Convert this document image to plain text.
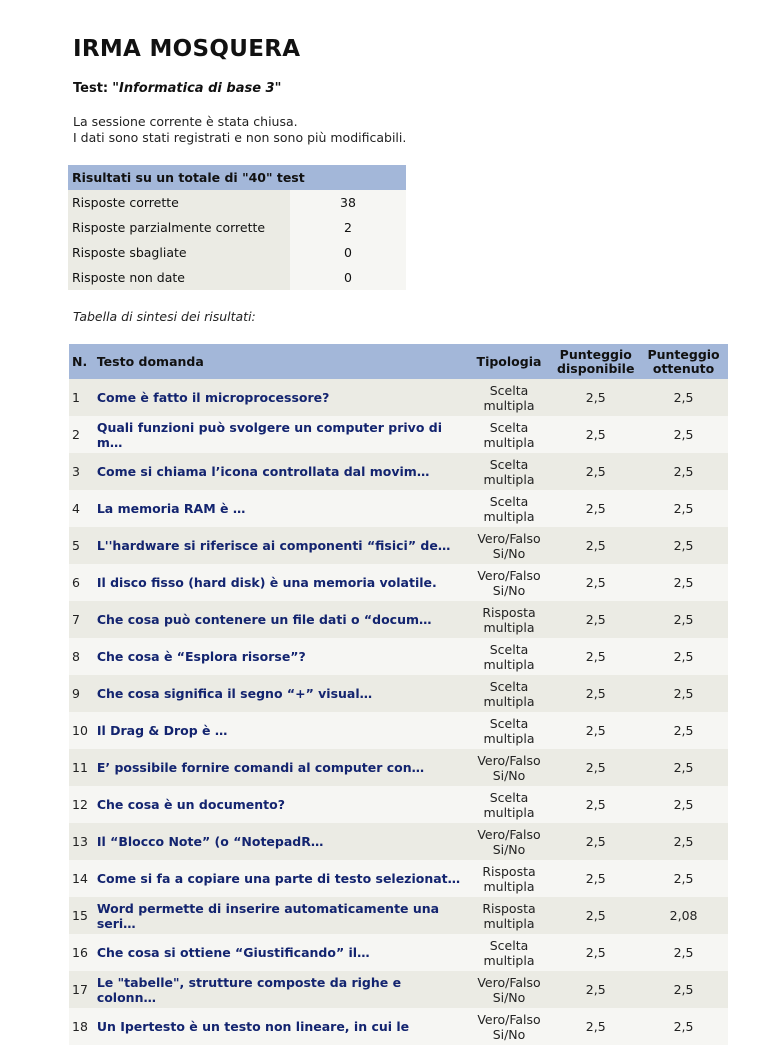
IRMA MOSQUERA
Test: "Informatica di base 3"
La sessione corrente è stata chiusa.
I dati sono stati registrati e non sono più modificabili.
Risultati su un totale di "40" test	
Risposte corrette	38
Risposte parzialmente corrette	2
Risposte sbagliate	0
Risposte non date	0
Tabella di sintesi dei risultati:
N.	Testo domanda	Tipologia	Punteggio disponibile	Punteggio ottenuto
1	Come è fatto il microprocessore?	Scelta multipla	2,5	2,5
2	Quali funzioni può svolgere un computer privo di m…	Scelta multipla	2,5	2,5
3	Come si chiama l’icona controllata dal movim…	Scelta multipla	2,5	2,5
4	La memoria RAM è …	Scelta multipla	2,5	2,5
5	L''hardware si riferisce ai componenti “fisici” de…	Vero/Falso Si/No	2,5	2,5
6	Il disco fisso (hard disk) è una memoria volatile.	Vero/Falso Si/No	2,5	2,5
7	Che cosa può contenere un file dati o “docum…	Risposta multipla	2,5	2,5
8	Che cosa è “Esplora risorse”?	Scelta multipla	2,5	2,5
9	Che cosa significa il segno “+” visual…	Scelta multipla	2,5	2,5
10	Il Drag & Drop è …	Scelta multipla	2,5	2,5
11	E’ possibile fornire comandi al computer con…	Vero/Falso Si/No	2,5	2,5
12	Che cosa è un documento?	Scelta multipla	2,5	2,5
13	Il “Blocco Note” (o “NotepadR…	Vero/Falso Si/No	2,5	2,5
14	Come si fa a copiare una parte di testo selezionat…	Risposta multipla	2,5	2,5
15	Word permette di inserire automaticamente una seri…	Risposta multipla	2,5	2,08
16	Che cosa si ottiene “Giustificando” il…	Scelta multipla	2,5	2,5
17	Le "tabelle", strutture composte da righe e colonn…	Vero/Falso Si/No	2,5	2,5
18	Un Ipertesto è un testo non lineare, in cui le	Vero/Falso Si/No	2,5	2,5
